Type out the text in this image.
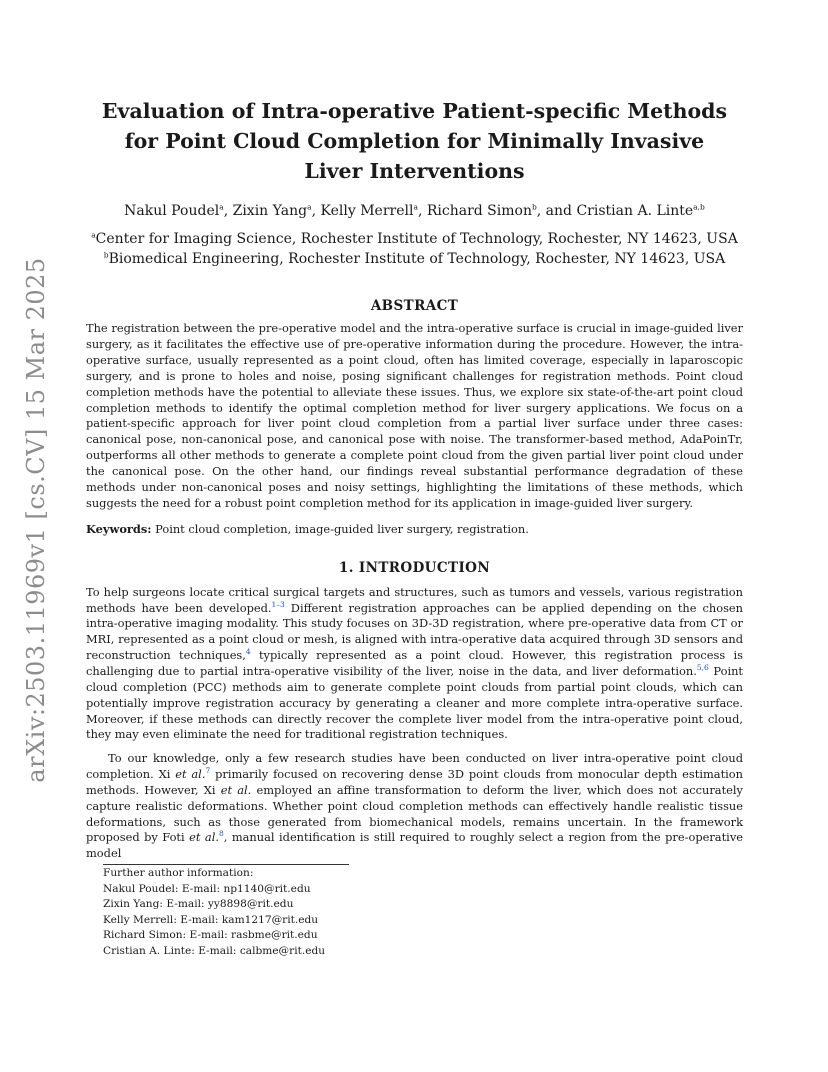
arXiv:2503.11969v1 [cs.CV] 15 Mar 2025
Evaluation of Intra-operative Patient-specific Methods for Point Cloud Completion for Minimally Invasive Liver Interventions
Nakul Poudel$^a$, Zixin Yang$^a$, Kelly Merrell$^a$, Richard Simon$^b$, and Cristian A. Linte$^{a,b}$
$^a$Center for Imaging Science, Rochester Institute of Technology, Rochester, NY 14623, USA
$^b$Biomedical Engineering, Rochester Institute of Technology, Rochester, NY 14623, USA
ABSTRACT
The registration between the pre-operative model and the intra-operative surface is crucial in image-guided liver surgery, as it facilitates the effective use of pre-operative information during the procedure. However, the intra-operative surface, usually represented as a point cloud, often has limited coverage, especially in laparoscopic surgery, and is prone to holes and noise, posing significant challenges for registration methods. Point cloud completion methods have the potential to alleviate these issues. Thus, we explore six state-of-the-art point cloud completion methods to identify the optimal completion method for liver surgery applications. We focus on a patient-specific approach for liver point cloud completion from a partial liver surface under three cases: canonical pose, non-canonical pose, and canonical pose with noise. The transformer-based method, AdaPoinTr, outperforms all other methods to generate a complete point cloud from the given partial liver point cloud under the canonical pose. On the other hand, our findings reveal substantial performance degradation of these methods under non-canonical poses and noisy settings, highlighting the limitations of these methods, which suggests the need for a robust point completion method for its application in image-guided liver surgery.
Keywords: Point cloud completion, image-guided liver surgery, registration.
1. INTRODUCTION
To help surgeons locate critical surgical targets and structures, such as tumors and vessels, various registration methods have been developed.$^{1-3}$ Different registration approaches can be applied depending on the chosen intra-operative imaging modality. This study focuses on 3D-3D registration, where pre-operative data from CT or MRI, represented as a point cloud or mesh, is aligned with intra-operative data acquired through 3D sensors and reconstruction techniques,$^4$ typically represented as a point cloud. However, this registration process is challenging due to partial intra-operative visibility of the liver, noise in the data, and liver deformation.$^{5,6}$ Point cloud completion (PCC) methods aim to generate complete point clouds from partial point clouds, which can potentially improve registration accuracy by generating a cleaner and more complete intra-operative surface. Moreover, if these methods can directly recover the complete liver model from the intra-operative point cloud, they may even eliminate the need for traditional registration techniques.
To our knowledge, only a few research studies have been conducted on liver intra-operative point cloud completion. Xi et al.$^7$ primarily focused on recovering dense 3D point clouds from monocular depth estimation methods. However, Xi et al. employed an affine transformation to deform the liver, which does not accurately capture realistic deformations. Whether point cloud completion methods can effectively handle realistic tissue deformations, such as those generated from biomechanical models, remains uncertain. In the framework proposed by Foti et al.$^8$, manual identification is still required to roughly select a region from the pre-operative model
Further author information:
Nakul Poudel: E-mail: np1140@rit.edu
Zixin Yang: E-mail: yy8898@rit.edu
Kelly Merrell: E-mail: kam1217@rit.edu
Richard Simon: E-mail: rasbme@rit.edu
Cristian A. Linte: E-mail: calbme@rit.edu
